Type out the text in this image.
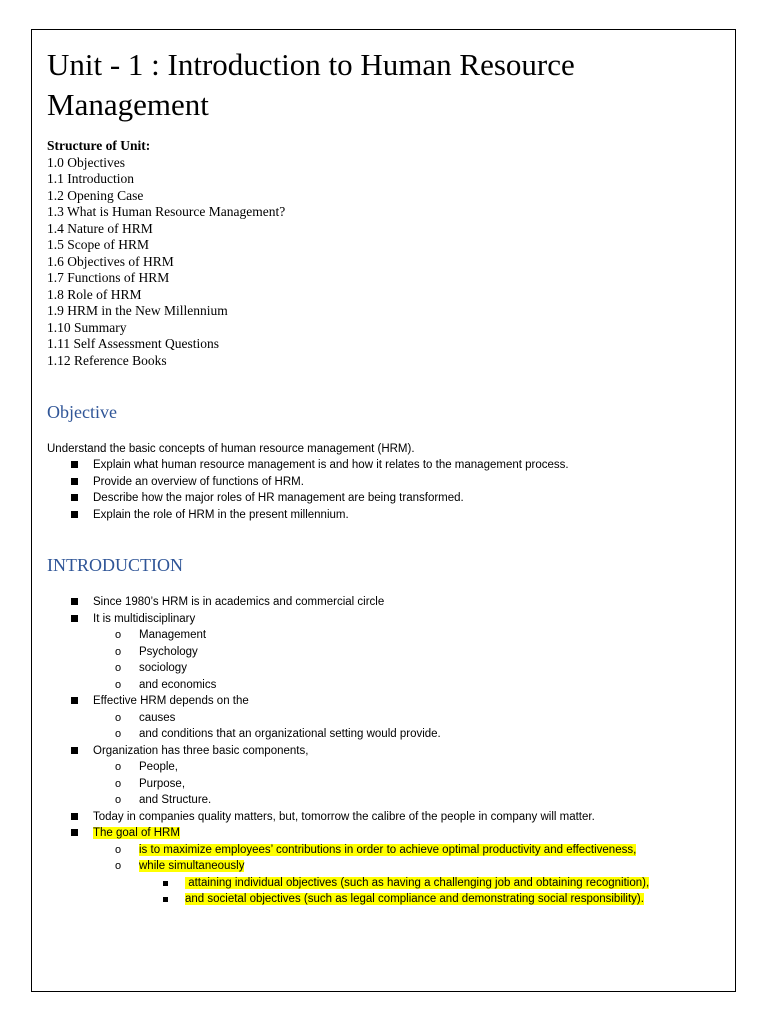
Unit - 1 : Introduction to Human Resource Management
Structure of Unit:
1.0 Objectives
1.1 Introduction
1.2 Opening Case
1.3 What is Human Resource Management?
1.4 Nature of HRM
1.5 Scope of HRM
1.6 Objectives of HRM
1.7 Functions of HRM
1.8 Role of HRM
1.9 HRM in the New Millennium
1.10 Summary
1.11 Self Assessment Questions
1.12 Reference Books
Objective
Understand the basic concepts of human resource management (HRM).
Explain what human resource management is and how it relates to the management process.
Provide an overview of functions of HRM.
Describe how the major roles of HR management are being transformed.
Explain the role of HRM in the present millennium.
INTRODUCTION
Since 1980’s HRM is in academics and commercial circle
It is multidisciplinary
o Management
o Psychology
o sociology
o and economics
Effective HRM depends on the
o causes
o and conditions that an organizational setting would provide.
Organization has three basic components,
o People,
o Purpose,
o and Structure.
Today in companies quality matters, but, tomorrow the calibre of the people in company will matter.
The goal of HRM
o is to maximize employees’ contributions in order to achieve optimal productivity and effectiveness,
o while simultaneously
attaining individual objectives (such as having a challenging job and obtaining recognition),
and societal objectives (such as legal compliance and demonstrating social responsibility).
